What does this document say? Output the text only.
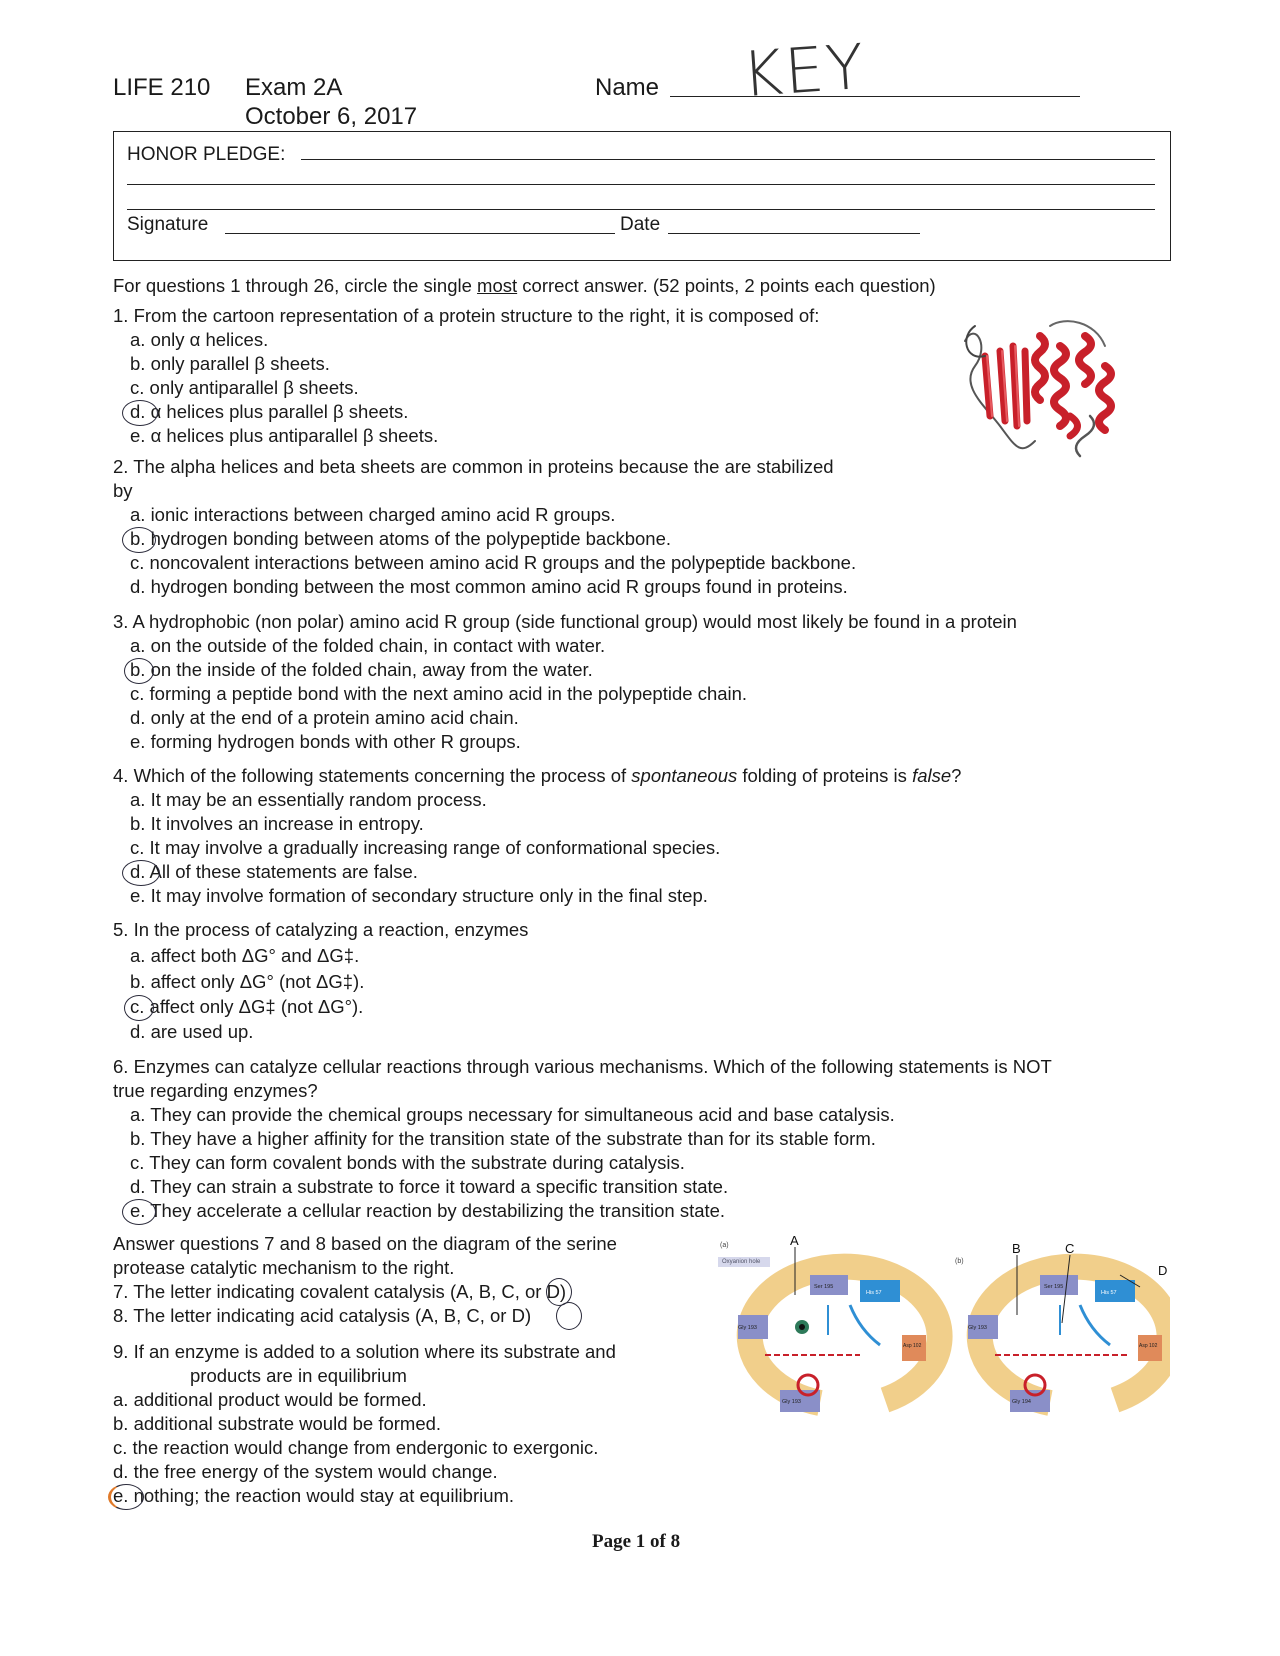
LIFE 210 Exam 2A
October 6, 2017
Name KEY
HONOR PLEDGE:
Signature	Date
For questions 1 through 26, circle the single most correct answer. (52 points, 2 points each question)
1. From the cartoon representation of a protein structure to the right, it is composed of:
a. only α helices.
b. only parallel β sheets.
c. only antiparallel β sheets.
d. α helices plus parallel β sheets.
e. α helices plus antiparallel β sheets.
2. The alpha helices and beta sheets are common in proteins because the are stabilized
by
a. ionic interactions between charged amino acid R groups.
b. hydrogen bonding between atoms of the polypeptide backbone.
c. noncovalent interactions between amino acid R groups and the polypeptide backbone.
d. hydrogen bonding between the most common amino acid R groups found in proteins.
3. A hydrophobic (non polar) amino acid R group (side functional group) would most likely be found in a protein
a. on the outside of the folded chain, in contact with water.
b. on the inside of the folded chain, away from the water.
c. forming a peptide bond with the next amino acid in the polypeptide chain.
d. only at the end of a protein amino acid chain.
e. forming hydrogen bonds with other R groups.
4. Which of the following statements concerning the process of spontaneous folding of proteins is false?
a. It may be an essentially random process.
b. It involves an increase in entropy.
c. It may involve a gradually increasing range of conformational species.
d. All of these statements are false.
e. It may involve formation of secondary structure only in the final step.
5. In the process of catalyzing a reaction, enzymes
a. affect both ΔG° and ΔG‡.
b. affect only ΔG° (not ΔG‡).
c. affect only ΔG‡ (not ΔG°).
d. are used up.
6. Enzymes can catalyze cellular reactions through various mechanisms. Which of the following statements is NOT
true regarding enzymes?
a. They can provide the chemical groups necessary for simultaneous acid and base catalysis.
b. They have a higher affinity for the transition state of the substrate than for its stable form.
c. They can form covalent bonds with the substrate during catalysis.
d. They can strain a substrate to force it toward a specific transition state.
e. They accelerate a cellular reaction by destabilizing the transition state.
Answer questions 7 and 8 based on the diagram of the serine
protease catalytic mechanism to the right.
7. The letter indicating covalent catalysis (A, B, C, or D)
8. The letter indicating acid catalysis (A, B, C, or D)
9. If an enzyme is added to a solution where its substrate and
products are in equilibrium
a. additional product would be formed.
b. additional substrate would be formed.
c. the reaction would change from endergonic to exergonic.
d. the free energy of the system would change.
e. nothing; the reaction would stay at equilibrium.
(a)
(b)
Oxyanion hole
Ser 195
Gly 193
His 57
Asp 102
Gly 193
A
Ser 195
Gly 193
His 57
Asp 102
Gly 194
B	C
D
Page 1 of 8
